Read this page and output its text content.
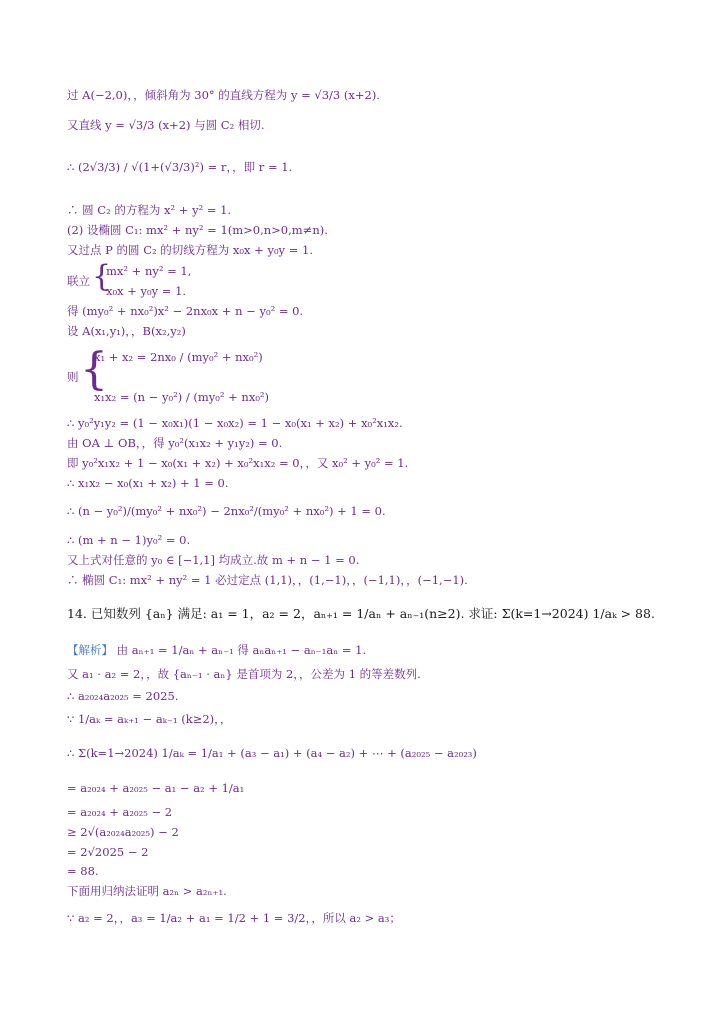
过 A(−2,0)，，倾斜角为 30° 的直线方程为 y = √3/3 (x+2).
又直线 y = √3/3 (x+2) 与圆 C₂ 相切.
∴ (2√3/3) / √(1+(√3/3)²) = r，，即 r = 1.
∴ 圆 C₂ 的方程为 x² + y² = 1.
(2) 设椭圆 C₁: mx² + ny² = 1(m>0,n>0,m≠n).
又过点 P 的圆 C₂ 的切线方程为 x₀x + y₀y = 1.
联立 {
mx² + ny² = 1,
x₀x + y₀y = 1.
得 (my₀² + nx₀²)x² − 2nx₀x + n − y₀² = 0.
设 A(x₁,y₁)，，B(x₂,y₂)
则 {
x₁ + x₂ = 2nx₀ / (my₀² + nx₀²)
x₁x₂ = (n − y₀²) / (my₀² + nx₀²)
∴ y₀²y₁y₂ = (1 − x₀x₁)(1 − x₀x₂) = 1 − x₀(x₁ + x₂) + x₀²x₁x₂.
由 OA ⊥ OB，，得 y₀²(x₁x₂ + y₁y₂) = 0.
即 y₀²x₁x₂ + 1 − x₀(x₁ + x₂) + x₀²x₁x₂ = 0，，又 x₀² + y₀² = 1.
∴ x₁x₂ − x₀(x₁ + x₂) + 1 = 0.
∴ (n − y₀²)/(my₀² + nx₀²) − 2nx₀²/(my₀² + nx₀²) + 1 = 0.
∴ (m + n − 1)y₀² = 0.
又上式对任意的 y₀ ∈ [−1,1] 均成立.故 m + n − 1 = 0.
∴ 椭圆 C₁: mx² + ny² = 1 必过定点 (1,1)，，(1,−1)，，(−1,1)，，(−1,−1).
14. 已知数列 {aₙ} 满足: a₁ = 1，a₂ = 2，aₙ₊₁ = 1/aₙ + aₙ₋₁(n≥2). 求证: Σ(k=1→2024) 1/aₖ > 88.
【解析】 由 aₙ₊₁ = 1/aₙ + aₙ₋₁ 得 aₙaₙ₊₁ − aₙ₋₁aₙ = 1.
又 a₁ · a₂ = 2，，故 {aₙ₋₁ · aₙ} 是首项为 2，，公差为 1 的等差数列.
∴ a₂₀₂₄a₂₀₂₅ = 2025.
∵ 1/aₖ = aₖ₊₁ − aₖ₋₁ (k≥2)，，
∴ Σ(k=1→2024) 1/aₖ = 1/a₁ + (a₃ − a₁) + (a₄ − a₂) + ⋯ + (a₂₀₂₅ − a₂₀₂₃)
= a₂₀₂₄ + a₂₀₂₅ − a₁ − a₂ + 1/a₁
= a₂₀₂₄ + a₂₀₂₅ − 2
≥ 2√(a₂₀₂₄a₂₀₂₅) − 2
= 2√2025 − 2
= 88.
下面用归纳法证明 a₂ₙ > a₂ₙ₊₁.
∵ a₂ = 2，，a₃ = 1/a₂ + a₁ = 1/2 + 1 = 3/2，，所以 a₂ > a₃；
